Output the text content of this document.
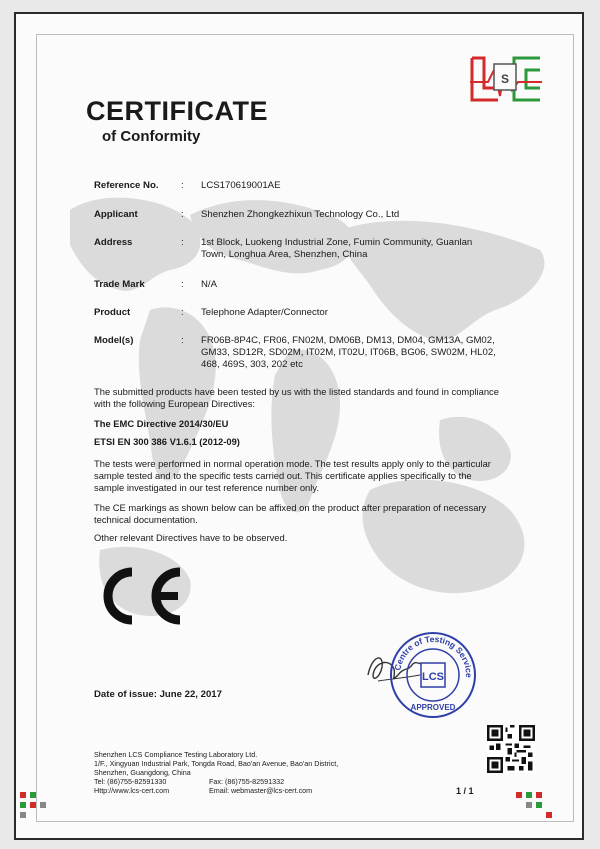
S
CERTIFICATE
of Conformity
Reference No.	: LCS170619001AE
Applicant	: Shenzhen Zhongkezhixun Technology Co., Ltd
Address	: 1st Block, Luokeng Industrial Zone, Fumin Community, Guanlan Town, Longhua Area, Shenzhen, China
Trade Mark	: N/A
Product	: Telephone Adapter/Connector
Model(s)	: FR06B-8P4C, FR06, FN02M, DM06B, DM13, DM04, GM13A, GM02, GM33, SD12R, SD02M, IT02M, IT02U, IT06B, BG06, SW02M, HL02, 468, 469S, 303, 202 etc
The submitted products have been tested by us with the listed standards and found in compliance with the following European Directives:
The EMC Directive 2014/30/EU
ETSI EN 300 386 V1.6.1 (2012-09)
The tests were performed in normal operation mode. The test results apply only to the particular sample tested and to the specific tests carried out. This certificate applies specifically to the sample investigated in our test reference number only.
The CE markings as shown below can be affixed on the product after preparation of necessary technical documentation.
Other relevant Directives have to be observed.
Centre of Testing Service
LCS
APPROVED
Date of issue: June 22, 2017
Shenzhen LCS Compliance Testing Laboratory Ltd.
1/F., Xingyuan Industrial Park, Tongda Road, Bao'an Avenue, Bao'an District,
Shenzhen, Guangdong, China
Tel: (86)755-82591330	Fax: (86)755-82591332
Http://www.lcs-cert.com	Email: webmaster@lcs-cert.com	1 / 1
